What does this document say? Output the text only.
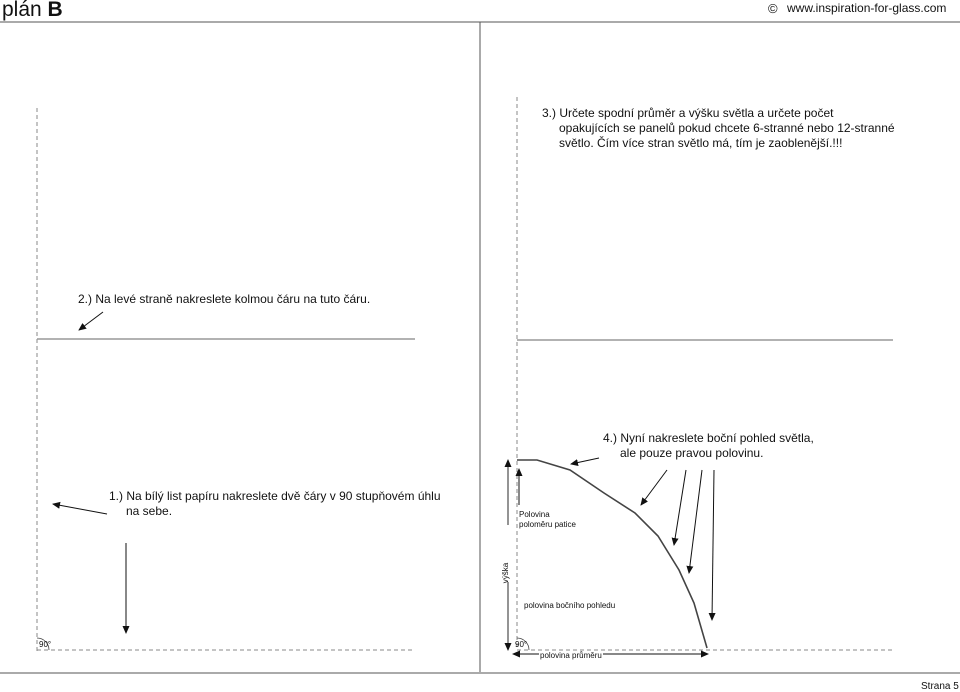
plán B	© www.inspiration-for-glass.com
2.) Na levé straně nakreslete kolmou čáru na tuto čáru.
1.) Na bílý list papíru nakreslete dvě čáry v 90 stupňovém úhlu
na sebe.
90°
3.) Určete spodní průměr a výšku světla a určete počet
opakujících se panelů pokud chcete 6-stranné nebo 12-stranné
světlo. Čím více stran světlo má, tím je zaoblenější.!!!
4.) Nyní nakreslete boční pohled světla,
ale pouze pravou polovinu.
Polovina
poloměru patice
výška
polovina bočního pohledu
90°
polovina průměru
Strana 5
